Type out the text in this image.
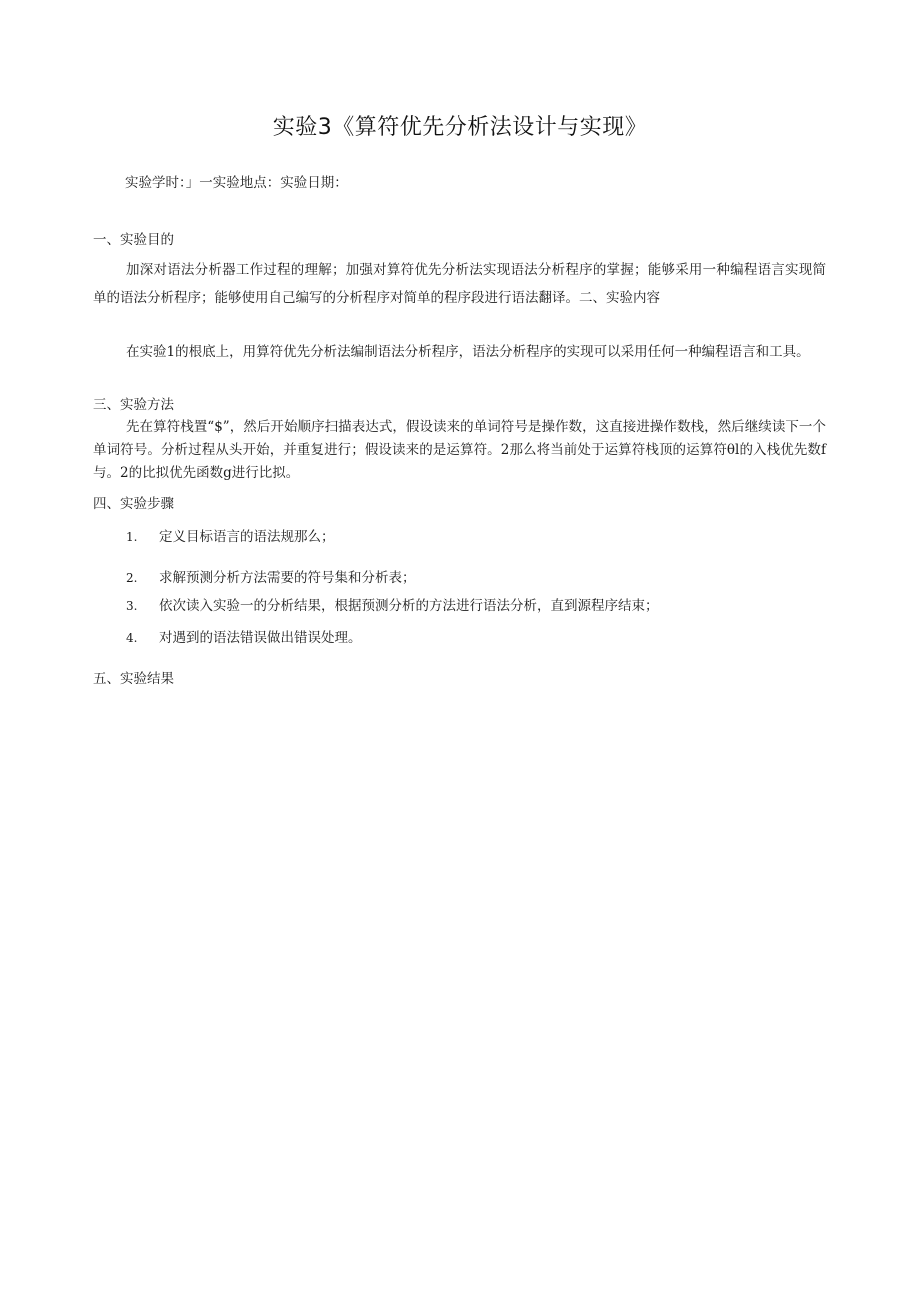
实验3《算符优先分析法设计与实现》
实验学时：」一实验地点：实验日期：
一、实验目的

加深对语法分析器工作过程的理解；加强对算符优先分析法实现语法分析程序的掌握；能够采用一种编程语言实现简单的语法分析程序；能够使用自己编写的分析程序对简单的程序段进行语法翻译。二、实验内容

在实验1的根底上，用算符优先分析法编制语法分析程序，语法分析程序的实现可以采用任何一种编程语言和工具。

三、实验方法

先在算符栈置“$”，然后开始顺序扫描表达式，假设读来的单词符号是操作数，这直接进操作数栈，然后继续读下一个单词符号。分析过程从头开始，并重复进行；假设读来的是运算符。2那么将当前处于运算符栈顶的运算符θl的入栈优先数f与。2的比拟优先函数g进行比拟。

四、实验步骤
1. 定义目标语言的语法规那么；
2. 求解预测分析方法需要的符号集和分析表；
3. 依次读入实验一的分析结果，根据预测分析的方法进行语法分析，直到源程序结束；
4. 对遇到的语法错误做出错误处理。
五、实验结果
